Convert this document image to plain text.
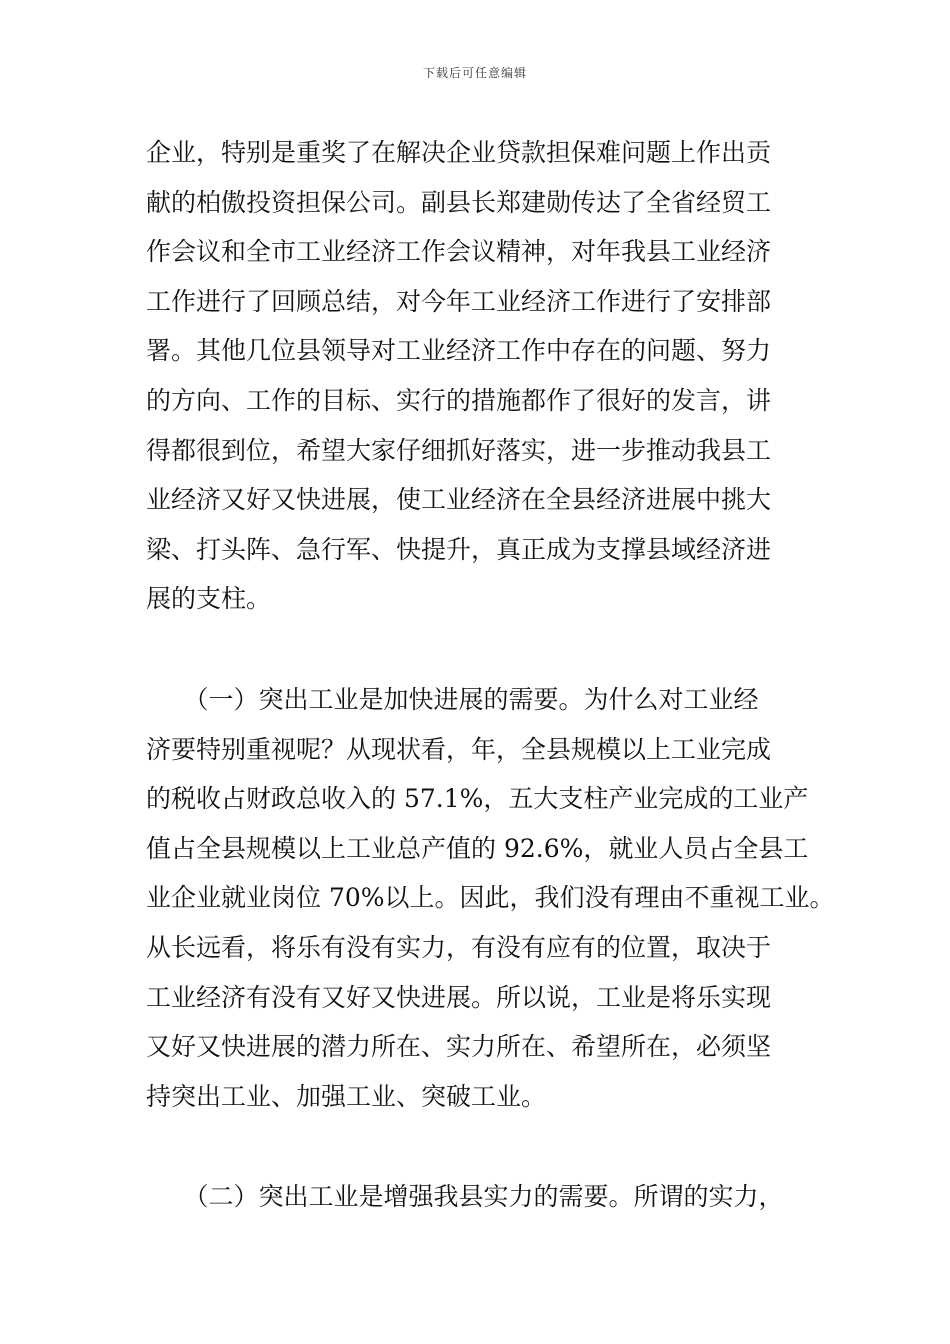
下载后可任意编辑
企业，特别是重奖了在解决企业贷款担保难问题上作出贡
献的柏傲投资担保公司。副县长郑建勋传达了全省经贸工
作会议和全市工业经济工作会议精神，对年我县工业经济
工作进行了回顾总结，对今年工业经济工作进行了安排部
署。其他几位县领导对工业经济工作中存在的问题、努力
的方向、工作的目标、实行的措施都作了很好的发言，讲
得都很到位，希望大家仔细抓好落实，进一步推动我县工
业经济又好又快进展，使工业经济在全县经济进展中挑大
梁、打头阵、急行军、快提升，真正成为支撑县域经济进
展的支柱。
　　（一）突出工业是加快进展的需要。为什么对工业经
济要特别重视呢？从现状看，年，全县规模以上工业完成
的税收占财政总收入的 57.1%，五大支柱产业完成的工业产
值占全县规模以上工业总产值的 92.6%，就业人员占全县工
业企业就业岗位 70%以上。因此，我们没有理由不重视工业。
从长远看，将乐有没有实力，有没有应有的位置，取决于
工业经济有没有又好又快进展。所以说，工业是将乐实现
又好又快进展的潜力所在、实力所在、希望所在，必须坚
持突出工业、加强工业、突破工业。
　　（二）突出工业是增强我县实力的需要。所谓的实力，
